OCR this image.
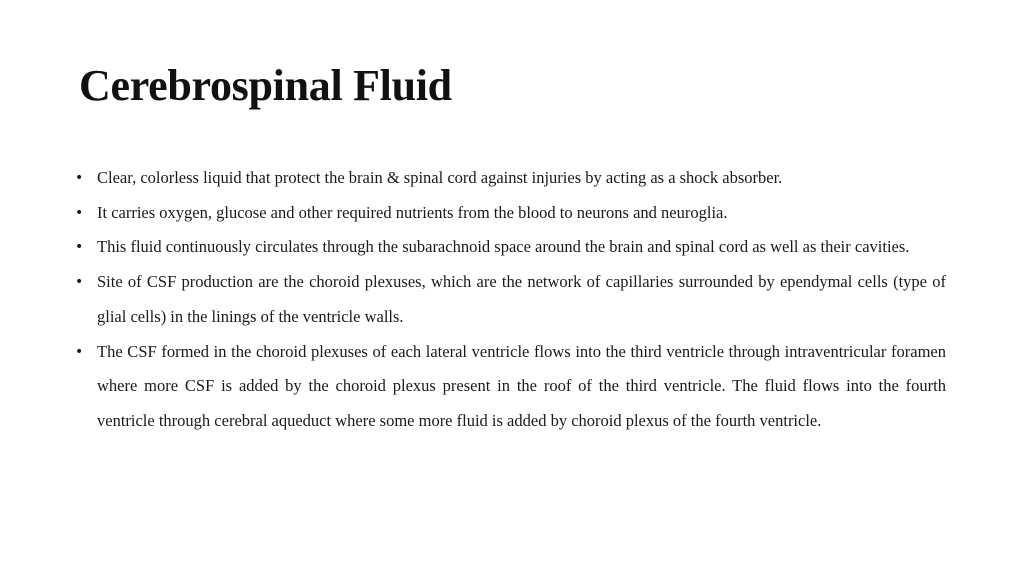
Cerebrospinal Fluid
• Clear, colorless liquid that protect the brain & spinal cord against injuries by acting as a shock absorber.
• It carries oxygen, glucose and other required nutrients from the blood to neurons and neuroglia.
• This fluid continuously circulates through the subarachnoid space around the brain and spinal cord as well as their cavities.
• Site of CSF production are the choroid plexuses, which are the network of capillaries surrounded by ependymal cells (type of glial cells) in the linings of the ventricle walls.
• The CSF formed in the choroid plexuses of each lateral ventricle flows into the third ventricle through intraventricular foramen where more CSF is added by the choroid plexus present in the roof of the third ventricle. The fluid flows into the fourth ventricle through cerebral aqueduct where some more fluid is added by choroid plexus of the fourth ventricle.
